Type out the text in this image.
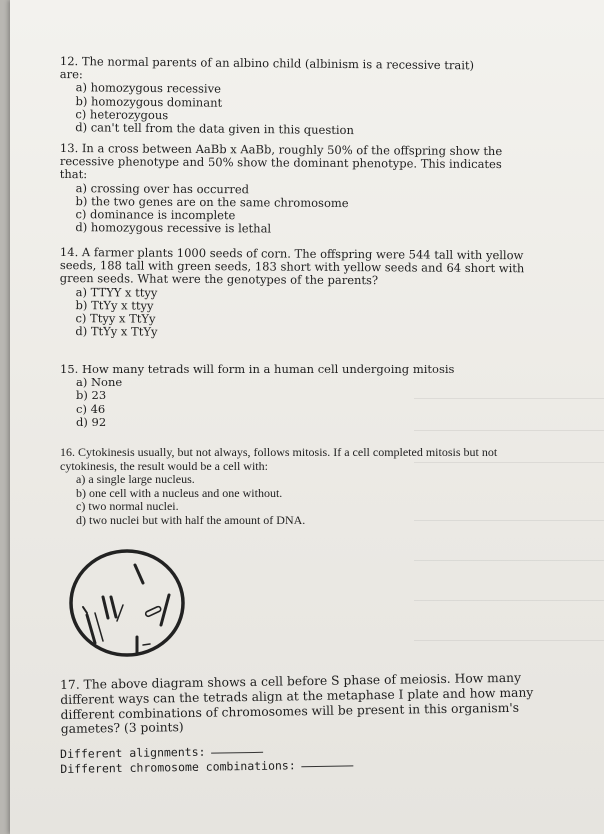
12. The normal parents of an albino child (albinism is a recessive trait) are:

a) homozygous recessive

b) homozygous dominant

c) heterozygous

d) can't tell from the data given in this question

13. In a cross between AaBb x AaBb, roughly 50% of the offspring show the recessive phenotype and 50% show the dominant phenotype. This indicates that:

a) crossing over has occurred

b) the two genes are on the same chromosome

c) dominance is incomplete

d) homozygous recessive is lethal

14. A farmer plants 1000 seeds of corn. The offspring were 544 tall with yellow seeds, 188 tall with green seeds, 183 short with yellow seeds and 64 short with green seeds. What were the genotypes of the parents?

a) TTYY x ttyy

b) TtYy x ttyy

c) Ttyy x TtYy

d) TtYy x TtYy

15. How many tetrads will form in a human cell undergoing mitosis

a) None

b) 23

c) 46

d) 92

16. Cytokinesis usually, but not always, follows mitosis. If a cell completed mitosis but not cytokinesis, the result would be a cell with:

a) a single large nucleus.

b) one cell with a nucleus and one without.

c) two normal nuclei.

d) two nuclei but with half the amount of DNA.

17. The above diagram shows a cell before S phase of meiosis. How many different ways can the tetrads align at the metaphase I plate and how many different combinations of chromosomes will be present in this organism's gametes? (3 points)

Different alignments:
Different chromosome combinations:
